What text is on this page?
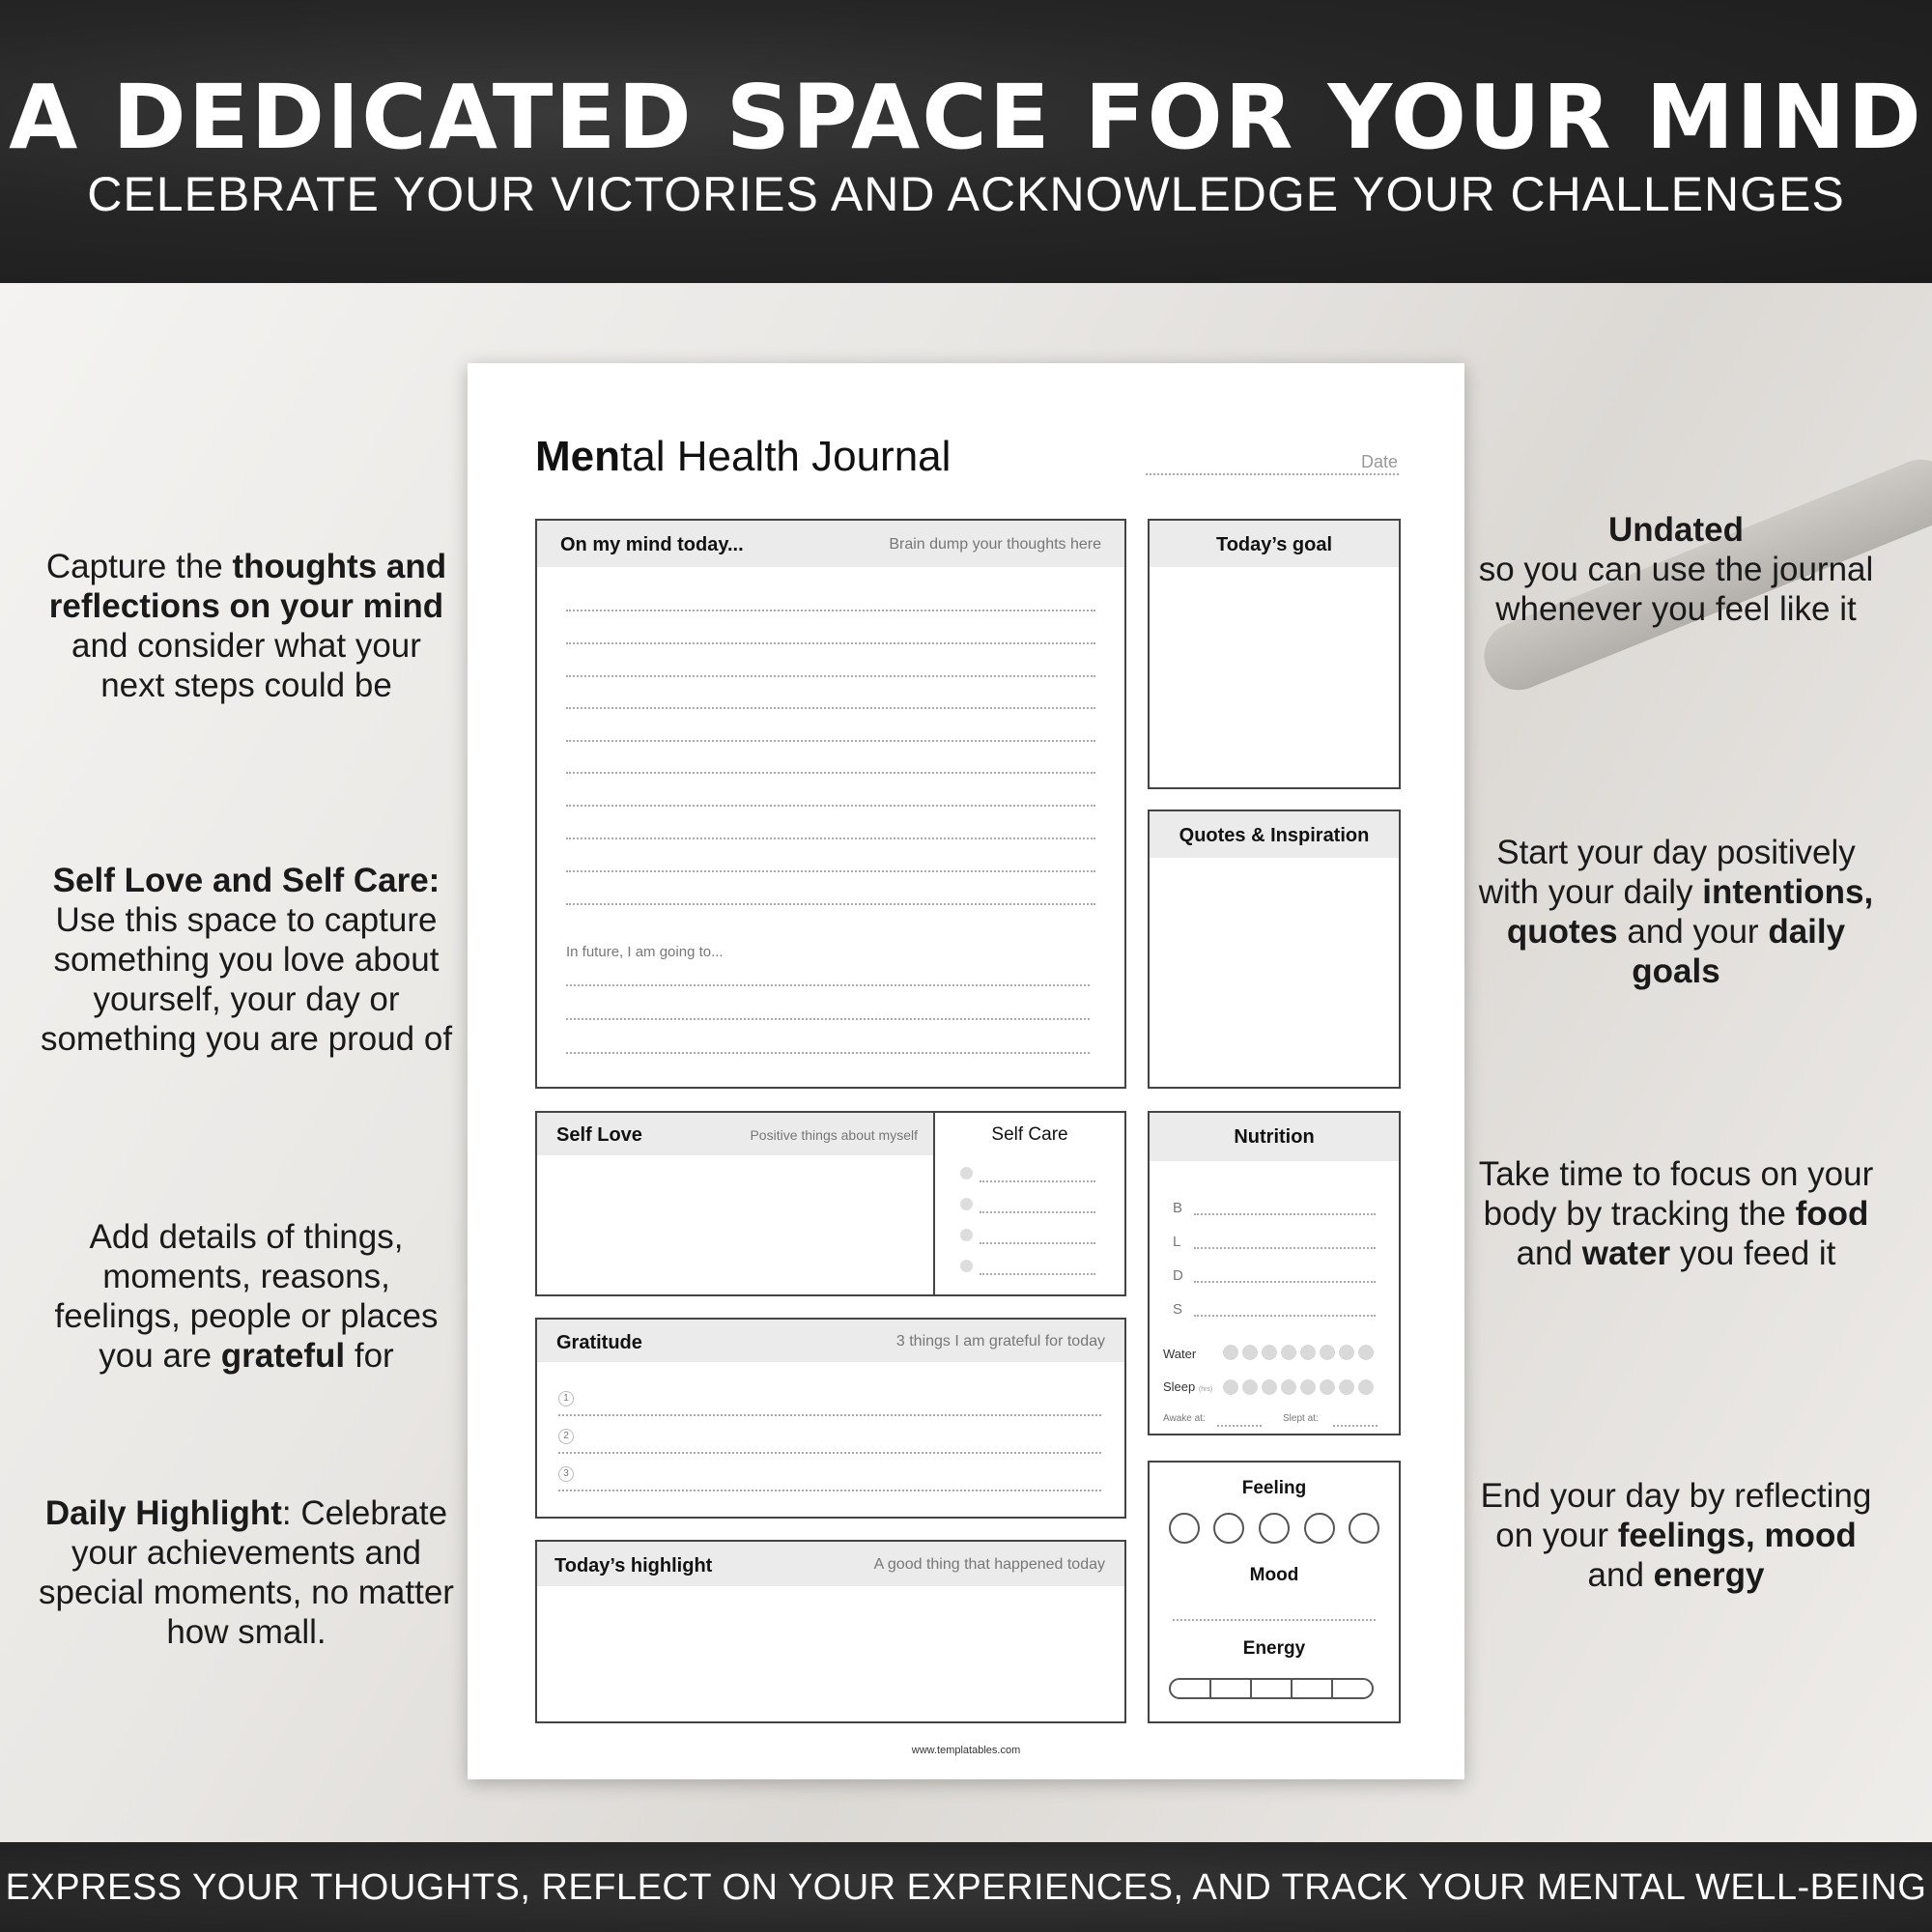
A DEDICATED SPACE FOR YOUR MIND
CELEBRATE YOUR VICTORIES AND ACKNOWLEDGE YOUR CHALLENGES
Capture the thoughts and reflections on your mind and consider what your next steps could be
Self Love and Self Care: Use this space to capture something you love about yourself, your day or something you are proud of
Add details of things, moments, reasons, feelings, people or places you are grateful for
Daily Highlight: Celebrate your achievements and special moments, no matter how small.
Undated
so you can use the journal whenever you feel like it
Start your day positively with your daily intentions, quotes and your daily goals
Take time to focus on your body by tracking the food and water you feed it
End your day by reflecting on your feelings, mood and energy
Mental Health Journal	Date
On my mind today...	Brain dump your thoughts here
In future, I am going to...
Today’s goal
Quotes & Inspiration
Self Love	Positive things about myself	Self Care	Nutrition
B
L
D
S
Water
Sleep (hrs)
Awake at:	Slept at:
Gratitude	3 things I am grateful for today
1
2
3
Feeling
Mood
Energy
Today’s highlight	A good thing that happened today
www.templatables.com
EXPRESS YOUR THOUGHTS, REFLECT ON YOUR EXPERIENCES, AND TRACK YOUR MENTAL WELL-BEING
